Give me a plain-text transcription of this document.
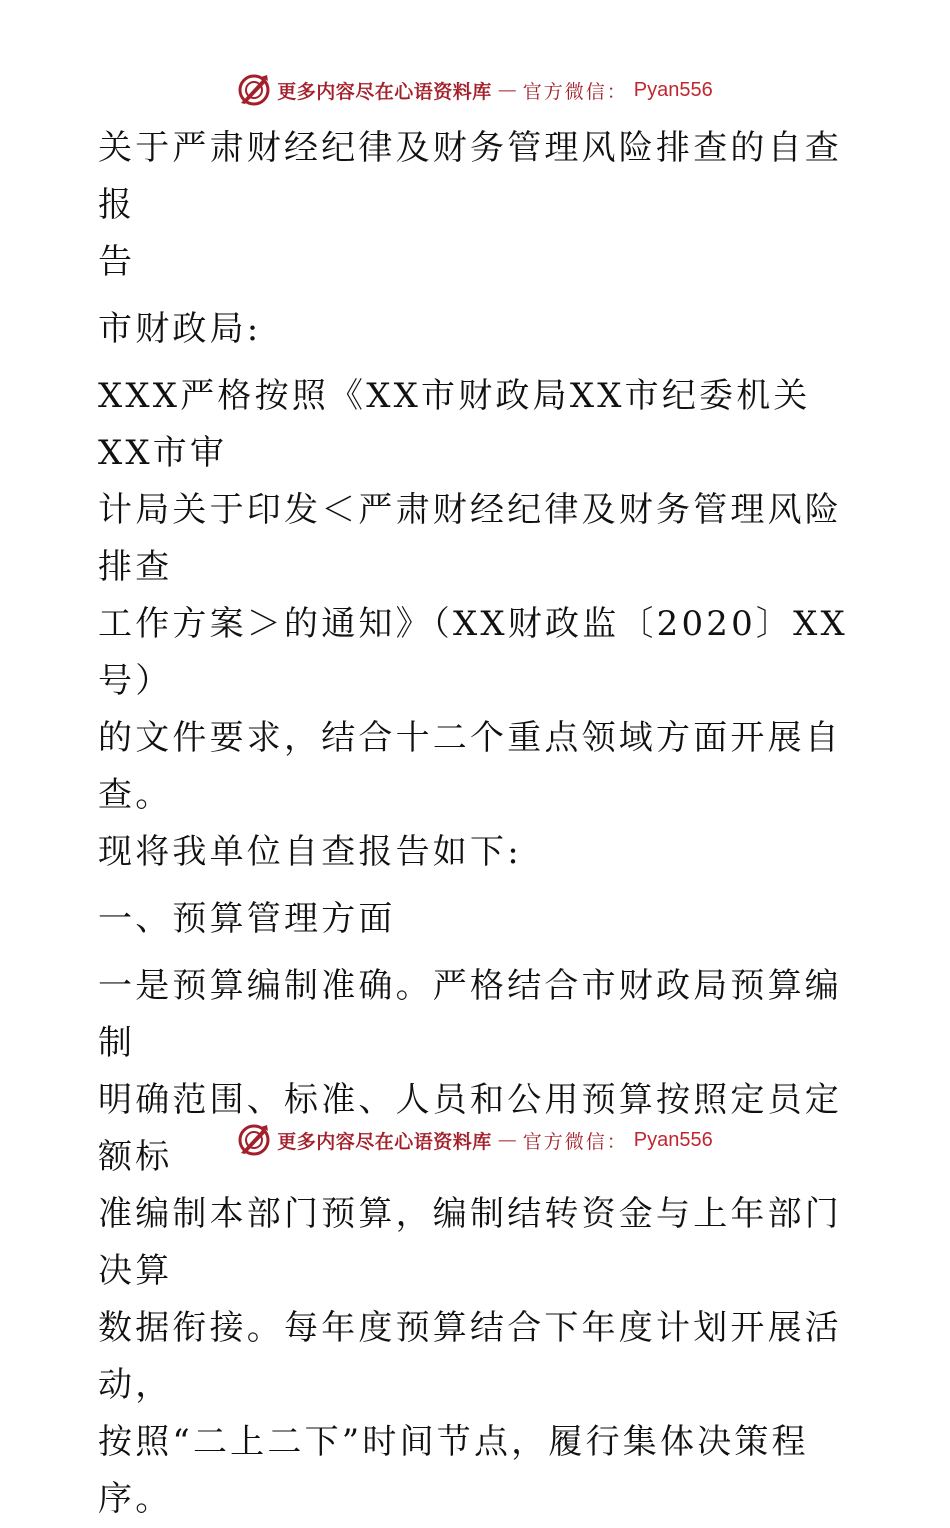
更多内容尽在心语资料库 — 官方微信： Pyan556

关于严肃财经纪律及财务管理风险排查的自查报

告

市财政局:

XXX严格按照《XX市财政局XX市纪委机关XX市审

计局关于印发＜严肃财经纪律及财务管理风险排查

工作方案＞的通知》（XX财政监〔2020〕XX号）

的文件要求，结合十二个重点领域方面开展自查。

现将我单位自查报告如下:

一、预算管理方面

一是预算编制准确。严格结合市财政局预算编制

明确范围、标准、人员和公用预算按照定员定额标

准编制本部门预算，编制结转资金与上年部门决算

数据衔接。每年度预算结合下年度计划开展活动，

按照“二上二下”时间节点，履行集体决策程序。

更多内容尽在心语资料库 — 官方微信： Pyan556
